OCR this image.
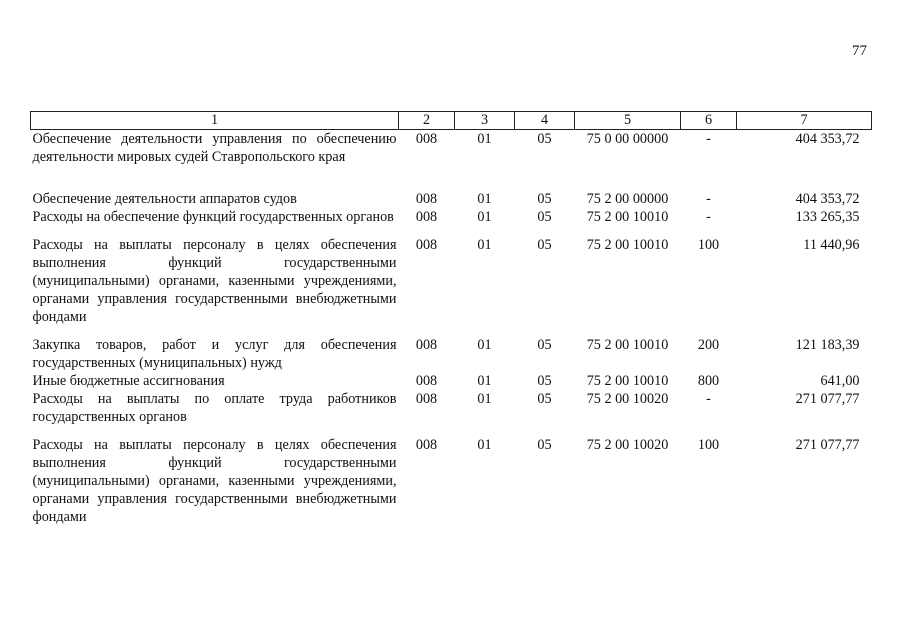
77
1	2	3	4	5	6	7
Обеспечение деятельности управления по обеспечению деятельности мировых судей Ставропольского края	008	01	05	75 0 00 00000	-	404 353,72
Обеспечение деятельности аппаратов судов	008	01	05	75 2 00 00000	-	404 353,72
Расходы на обеспечение функций государственных органов	008	01	05	75 2 00 10010	-	133 265,35
Расходы на выплаты персоналу в целях обеспечения выполнения функций государственными (муниципальными) органами, казенными учреждениями, органами управления государственными внебюджетными фондами	008	01	05	75 2 00 10010	100	11 440,96
Закупка товаров, работ и услуг для обеспечения государственных (муниципальных) нужд	008	01	05	75 2 00 10010	200	121 183,39
Иные бюджетные ассигнования	008	01	05	75 2 00 10010	800	641,00
Расходы на выплаты по оплате труда работников государственных органов	008	01	05	75 2 00 10020	-	271 077,77
Расходы на выплаты персоналу в целях обеспечения выполнения функций государственными (муниципальными) органами, казенными учреждениями, органами управления государственными внебюджетными фондами	008	01	05	75 2 00 10020	100	271 077,77
